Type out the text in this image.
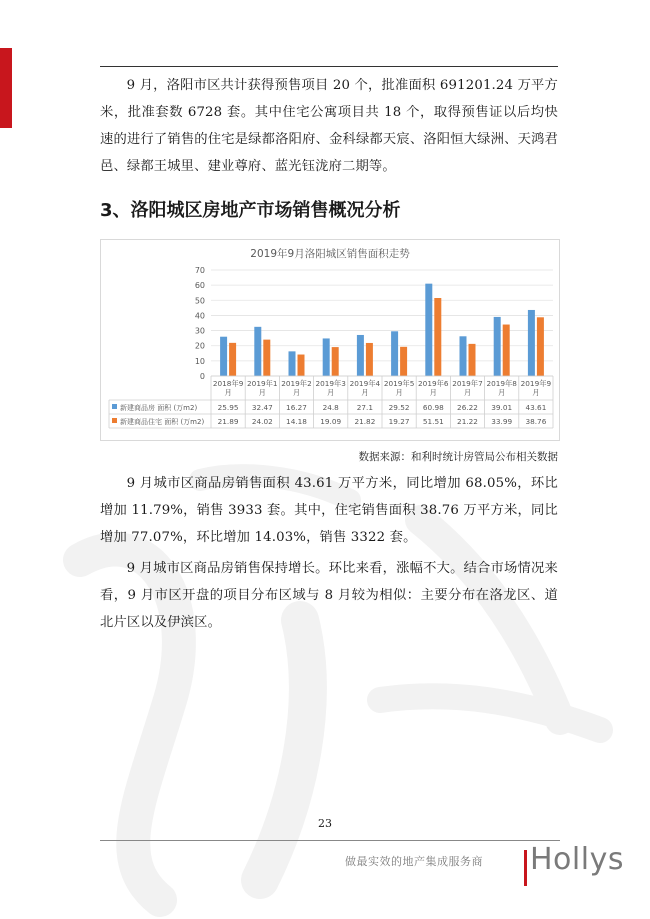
9 月，洛阳市区共计获得预售项目 20 个，批准面积 691201.24 万平方米，批准套数 6728 套。其中住宅公寓项目共 18 个，取得预售证以后均快速的进行了销售的住宅是绿都洛阳府、金科绿都天宸、洛阳恒大绿洲、天鸿君邑、绿都王城里、建业尊府、蓝光钰泷府二期等。

3、洛阳城区房地产市场销售概况分析
2019年9月洛阳城区销售面积走势
0
10
20
30
40
50
60
70
2018年9 月
2019年1 月
2019年2 月
2019年3 月
2019年4 月
2019年5 月
2019年6 月
2019年7 月
2019年8 月
2019年9 月
新建商品房 面积 (万m2)	25.95 32.47 16.27 24.8 27.1 29.52 60.98 26.22 39.01 43.61
新建商品住宅 面积 (万m2) 21.89 24.02 14.18 19.09 21.82 19.27 51.51 21.22 33.99 38.76
数据来源：和利时统计房管局公布相关数据

9 月城市区商品房销售面积 43.61 万平方米，同比增加 68.05%，环比增加 11.79%，销售 3933 套。其中，住宅销售面积 38.76 万平方米，同比增加 77.07%，环比增加 14.03%，销售 3322 套。

9 月城市区商品房销售保持增长。环比来看，涨幅不大。结合市场情况来看，9 月市区开盘的项目分布区域与 8 月较为相似：主要分布在洛龙区、道北片区以及伊滨区。

23
做最实效的地产集成服务商 Hollys
